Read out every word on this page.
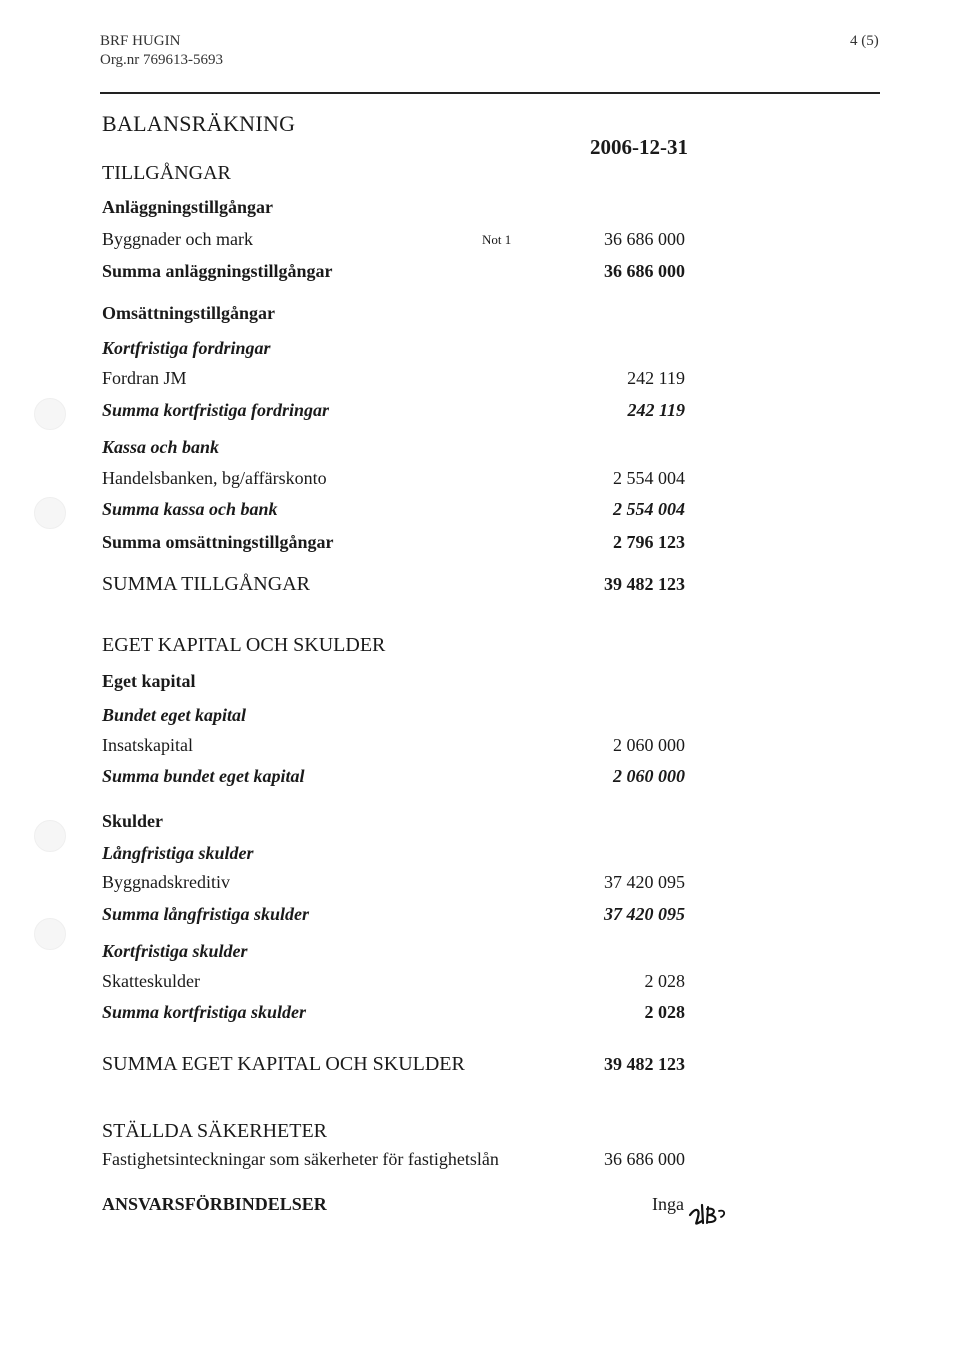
BRF HUGIN
Org.nr 769613-5693
4 (5)
BALANSRÄKNING
2006-12-31
TILLGÅNGAR
Anläggningstillgångar
Byggnader och mark	Not 1	36 686 000
Summa anläggningstillgångar	36 686 000
Omsättningstillgångar
Kortfristiga fordringar
Fordran JM	242 119
Summa kortfristiga fordringar	242 119
Kassa och bank
Handelsbanken, bg/affärskonto	2 554 004
Summa kassa och bank	2 554 004
Summa omsättningstillgångar	2 796 123
SUMMA TILLGÅNGAR	39 482 123
EGET KAPITAL OCH SKULDER
Eget kapital
Bundet eget kapital
Insatskapital	2 060 000
Summa bundet eget kapital	2 060 000
Skulder
Långfristiga skulder
Byggnadskreditiv	37 420 095
Summa långfristiga skulder	37 420 095
Kortfristiga skulder
Skatteskulder	2 028
Summa kortfristiga skulder	2 028
SUMMA EGET KAPITAL OCH SKULDER	39 482 123
STÄLLDA SÄKERHETER
Fastighetsinteckningar som säkerheter för fastighetslån	36 686 000
ANSVARSFÖRBINDELSER	Inga
